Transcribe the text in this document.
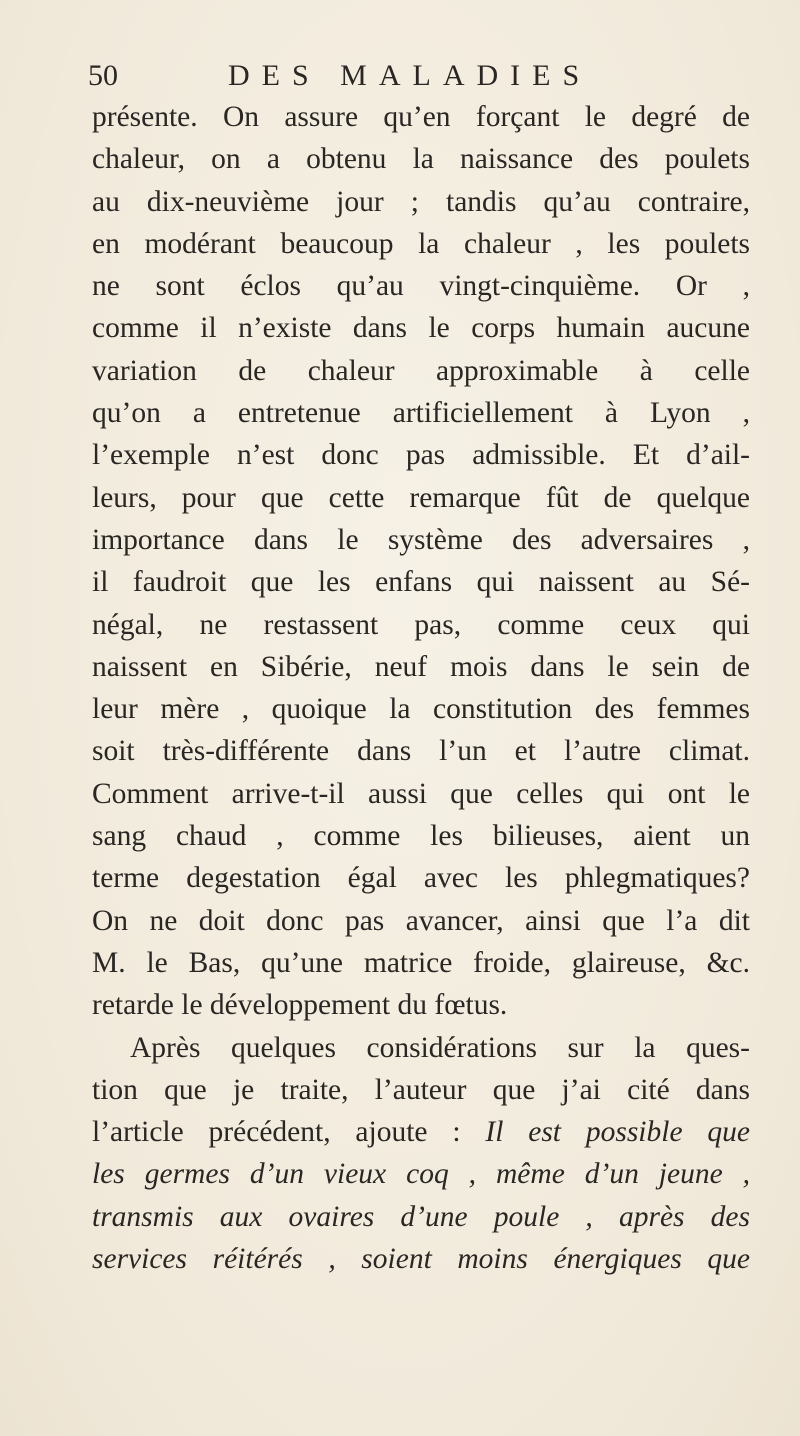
50	DES MALADIES
présente. On assure qu’en forçant le degré de
chaleur, on a obtenu la naissance des poulets
au dix-neuvième jour ; tandis qu’au contraire,
en modérant beaucoup la chaleur , les poulets
ne sont éclos qu’au vingt-cinquième. Or ,
comme il n’existe dans le corps humain aucune
variation de chaleur approximable à celle
qu’on a entretenue artificiellement à Lyon ,
l’exemple n’est donc pas admissible. Et d’ail-
leurs, pour que cette remarque fût de quelque
importance dans le système des adversaires ,
il faudroit que les enfans qui naissent au Sé-
négal, ne restassent pas, comme ceux qui
naissent en Sibérie, neuf mois dans le sein de
leur mère , quoique la constitution des femmes
soit très-différente dans l’un et l’autre climat.
Comment arrive-t-il aussi que celles qui ont le
sang chaud , comme les bilieuses, aient un
terme degestation égal avec les phlegmatiques?
On ne doit donc pas avancer, ainsi que l’a dit
M. le Bas, qu’une matrice froide, glaireuse, &c.
retarde le développement du fœtus.
Après quelques considérations sur la ques-
tion que je traite, l’auteur que j’ai cité dans
l’article précédent, ajoute : Il est possible que
les germes d’un vieux coq , même d’un jeune ,
transmis aux ovaires d’une poule , après des
services réitérés , soient moins énergiques que
